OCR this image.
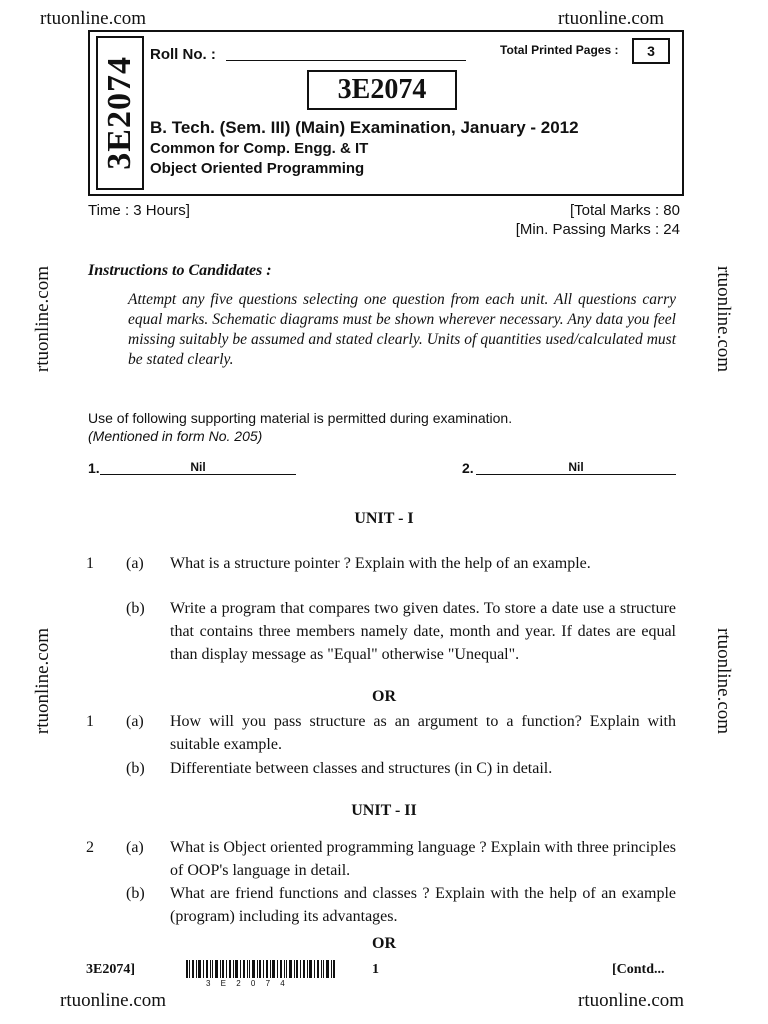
rtuonline.com	rtuonline.com
rtuonline.com
rtuonline.com
rtuonline.com
rtuonline.com
rtuonline.com	rtuonline.com
3E2074
Roll No. :	Total Printed Pages :	3
3E2074
B. Tech. (Sem. III) (Main) Examination, January - 2012
Common for Comp. Engg. & IT
Object Oriented Programming
Time : 3 Hours]	[Total Marks : 80
[Min. Passing Marks : 24
Instructions to Candidates :
Attempt any five questions selecting one question from each unit. All questions carry equal marks. Schematic diagrams must be shown wherever necessary. Any data you feel missing suitably be assumed and stated clearly. Units of quantities used/calculated must be stated clearly.
Use of following supporting material is permitted during examination.
(Mentioned in form No. 205)
1.	Nil	2.	Nil
UNIT - I
1 (a) What is a structure pointer ? Explain with the help of an example.
(b) Write a program that compares two given dates. To store a date use a structure that contains three members namely date, month and year. If dates are equal than display message as "Equal" otherwise "Unequal".
OR
1 (a) How will you pass structure as an argument to a function? Explain with suitable example.
(b) Differentiate between classes and structures (in C) in detail.
UNIT - II
2 (a) What is Object oriented programming language ? Explain with three principles of OOP's language in detail.
(b) What are friend functions and classes ? Explain with the help of an example (program) including its advantages.
OR
3E2074]
3 E 2 0 7 4
1	[Contd...
